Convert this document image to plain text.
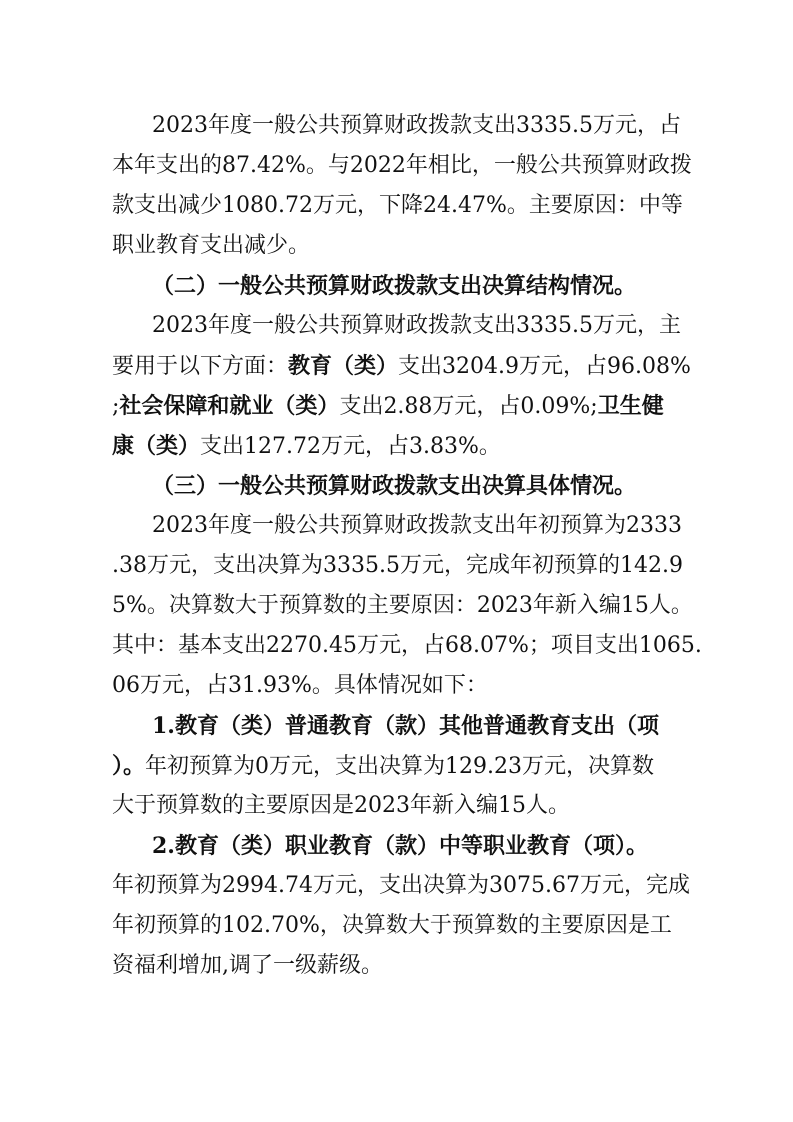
2023年度一般公共预算财政拨款支出3335.5万元，占
本年支出的87.42%。与2022年相比，一般公共预算财政拨
款支出减少1080.72万元，下降24.47%。主要原因：中等
职业教育支出减少。
（二）一般公共预算财政拨款支出决算结构情况。
2023年度一般公共预算财政拨款支出3335.5万元，主
要用于以下方面：教育（类）支出3204.9万元，占96.08%
;社会保障和就业（类）支出2.88万元，占0.09%;卫生健
康（类）支出127.72万元，占3.83%。
（三）一般公共预算财政拨款支出决算具体情况。
2023年度一般公共预算财政拨款支出年初预算为2333
.38万元，支出决算为3335.5万元，完成年初预算的142.9
5%。决算数大于预算数的主要原因：2023年新入编15人。
其中：基本支出2270.45万元，占68.07%；项目支出1065.
06万元，占31.93%。具体情况如下：
1.教育（类）普通教育（款）其他普通教育支出（项
）。年初预算为0万元，支出决算为129.23万元，决算数
大于预算数的主要原因是2023年新入编15人。
2.教育（类）职业教育（款）中等职业教育（项）。
年初预算为2994.74万元，支出决算为3075.67万元，完成
年初预算的102.70%，决算数大于预算数的主要原因是工
资福利增加,调了一级薪级。
